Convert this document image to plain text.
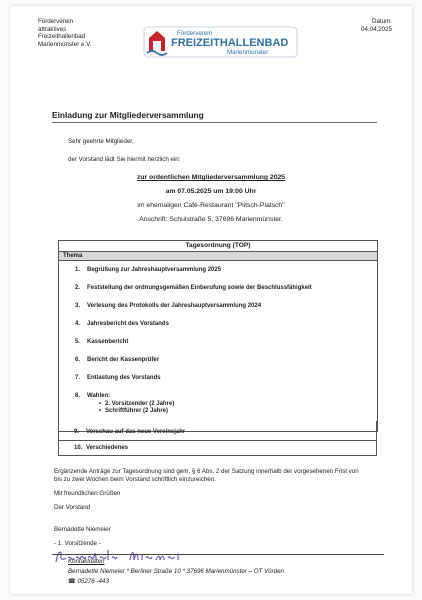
Förderverein
attraktives
Freizeithallenbad
Marienmünster e.V.
Förderverein
FREIZEITHALLENBAD
Marienmünster
Datum:
04.04.2025
Einladung zur Mitgliederversammlung
Sehr geehrte Mitglieder,
der Vorstand lädt Sie hiermit herzlich ein:
zur ordentlichen Mitgliederversammlung 2025
am 07.05.2025 um 19:00 Uhr
im ehemaligen Café-Restaurant "Plitsch-Platsch"
Anschrift: Schulstraße 5, 37696 Marienmünster.
Tagesordnung (TOP)
Thema
1. Begrüßung zur Jahreshauptversammlung 2025
2. Feststellung der ordnungsgemäßen Einberufung sowie der Beschlussfähigkeit
3. Verlesung des Protokolls der Jahreshauptversammlung 2024
4. Jahresbericht des Vorstands
5. Kassenbericht
6. Bericht der Kassenprüfer
7. Entlastung des Vorstands
8. Wahlen:
• 2. Vorsitzender (2 Jahre)
• Schriftführer (2 Jahre)
9. Vorschau auf das neue Vereinsjahr
10. Verschiedenes
Ergänzende Anträge zur Tagesordnung sind gem. § 6 Abs. 2 der Satzung innerhalb der vorgesehenen Frist von
bis zu zwei Wochen beim Vorstand schriftlich einzureichen.
Mit freundlichen Grüßen
Der Vorstand
Bernadette Niemeier
- 1. Vorsitzende -
Kontaktdaten
Bernadette Niemeier * Berliner Straße 10 * 37696 Marienmünster – OT Vörden
☎ 05276 -443
